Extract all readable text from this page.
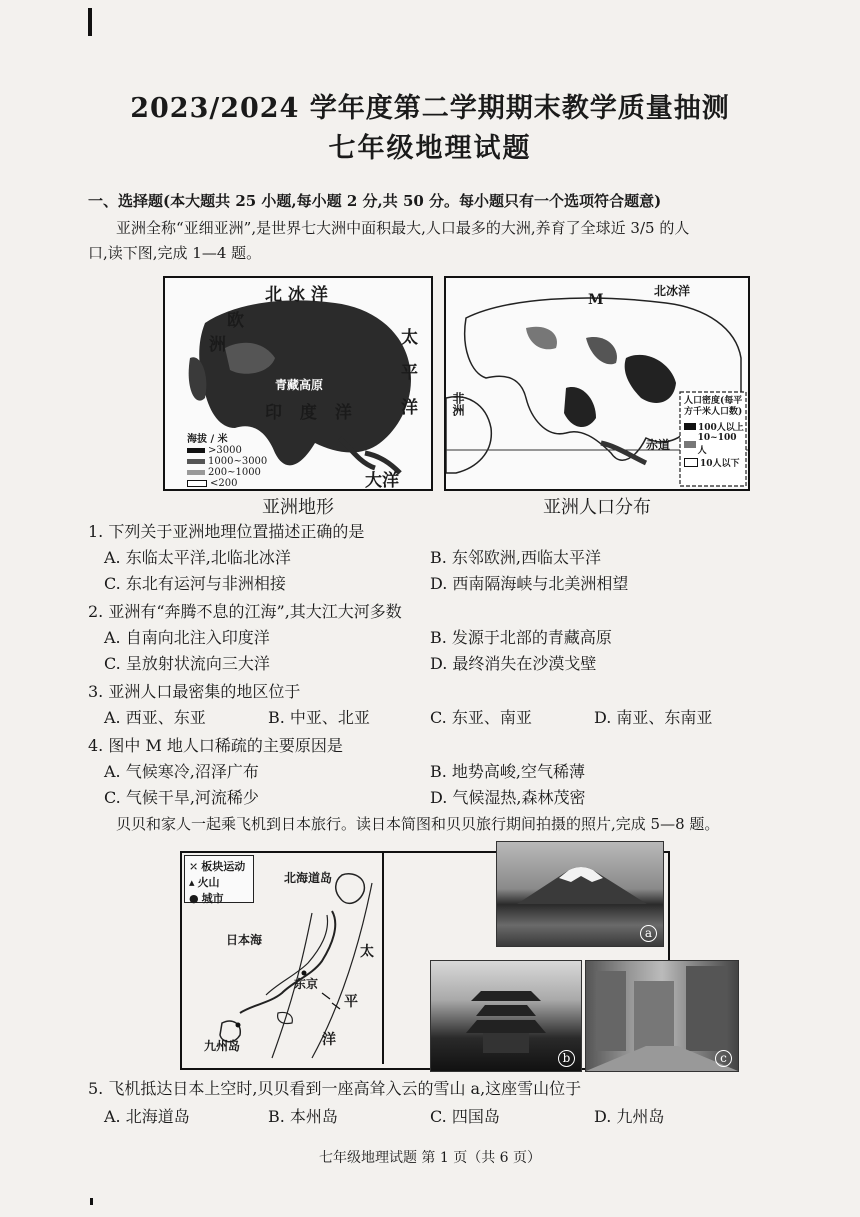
2023/2024 学年度第二学期期末教学质量抽测
七年级地理试题
一、选择题(本大题共 25 小题,每小题 2 分,共 50 分。每小题只有一个选项符合题意)
亚洲全称“亚细亚洲”,是世界七大洲中面积最大,人口最多的大洲,养育了全球近 3/5 的人
口,读下图,完成 1—4 题。
北 冰 洋
欧
洲	太 平 洋
印 度 洋
大洋
青藏高原
海拔 / 米
>3000
1000~3000
200~1000
<200
亚洲地形
北冰洋
M
非洲
赤道
人口密度(每平方千米人口数)
100人以上
10~100人
10人以下
亚洲人口分布
1. 下列关于亚洲地理位置描述正确的是
A. 东临太平洋,北临北冰洋	B. 东邻欧洲,西临太平洋
C. 东北有运河与非洲相接	D. 西南隔海峡与北美洲相望
2. 亚洲有“奔腾不息的江海”,其大江大河多数
A. 自南向北注入印度洋	B. 发源于北部的青藏高原
C. 呈放射状流向三大洋	D. 最终消失在沙漠戈壁
3. 亚洲人口最密集的地区位于
A. 西亚、东亚	B. 中亚、北亚	C. 东亚、南亚	D. 南亚、东南亚
4. 图中 M 地人口稀疏的主要原因是
A. 气候寒冷,沼泽广布	B. 地势高峻,空气稀薄
C. 气候干旱,河流稀少	D. 气候湿热,森林茂密
贝贝和家人一起乘飞机到日本旅行。读日本简图和贝贝旅行期间拍摄的照片,完成 5—8 题。
⤫ 板块运动
▴ 火山
● 城市
北海道岛
日本海
东京
九州岛
太
平
洋
a
b	c
5. 飞机抵达日本上空时,贝贝看到一座高耸入云的雪山 a,这座雪山位于
A. 北海道岛	B. 本州岛	C. 四国岛	D. 九州岛
七年级地理试题 第 1 页（共 6 页）
